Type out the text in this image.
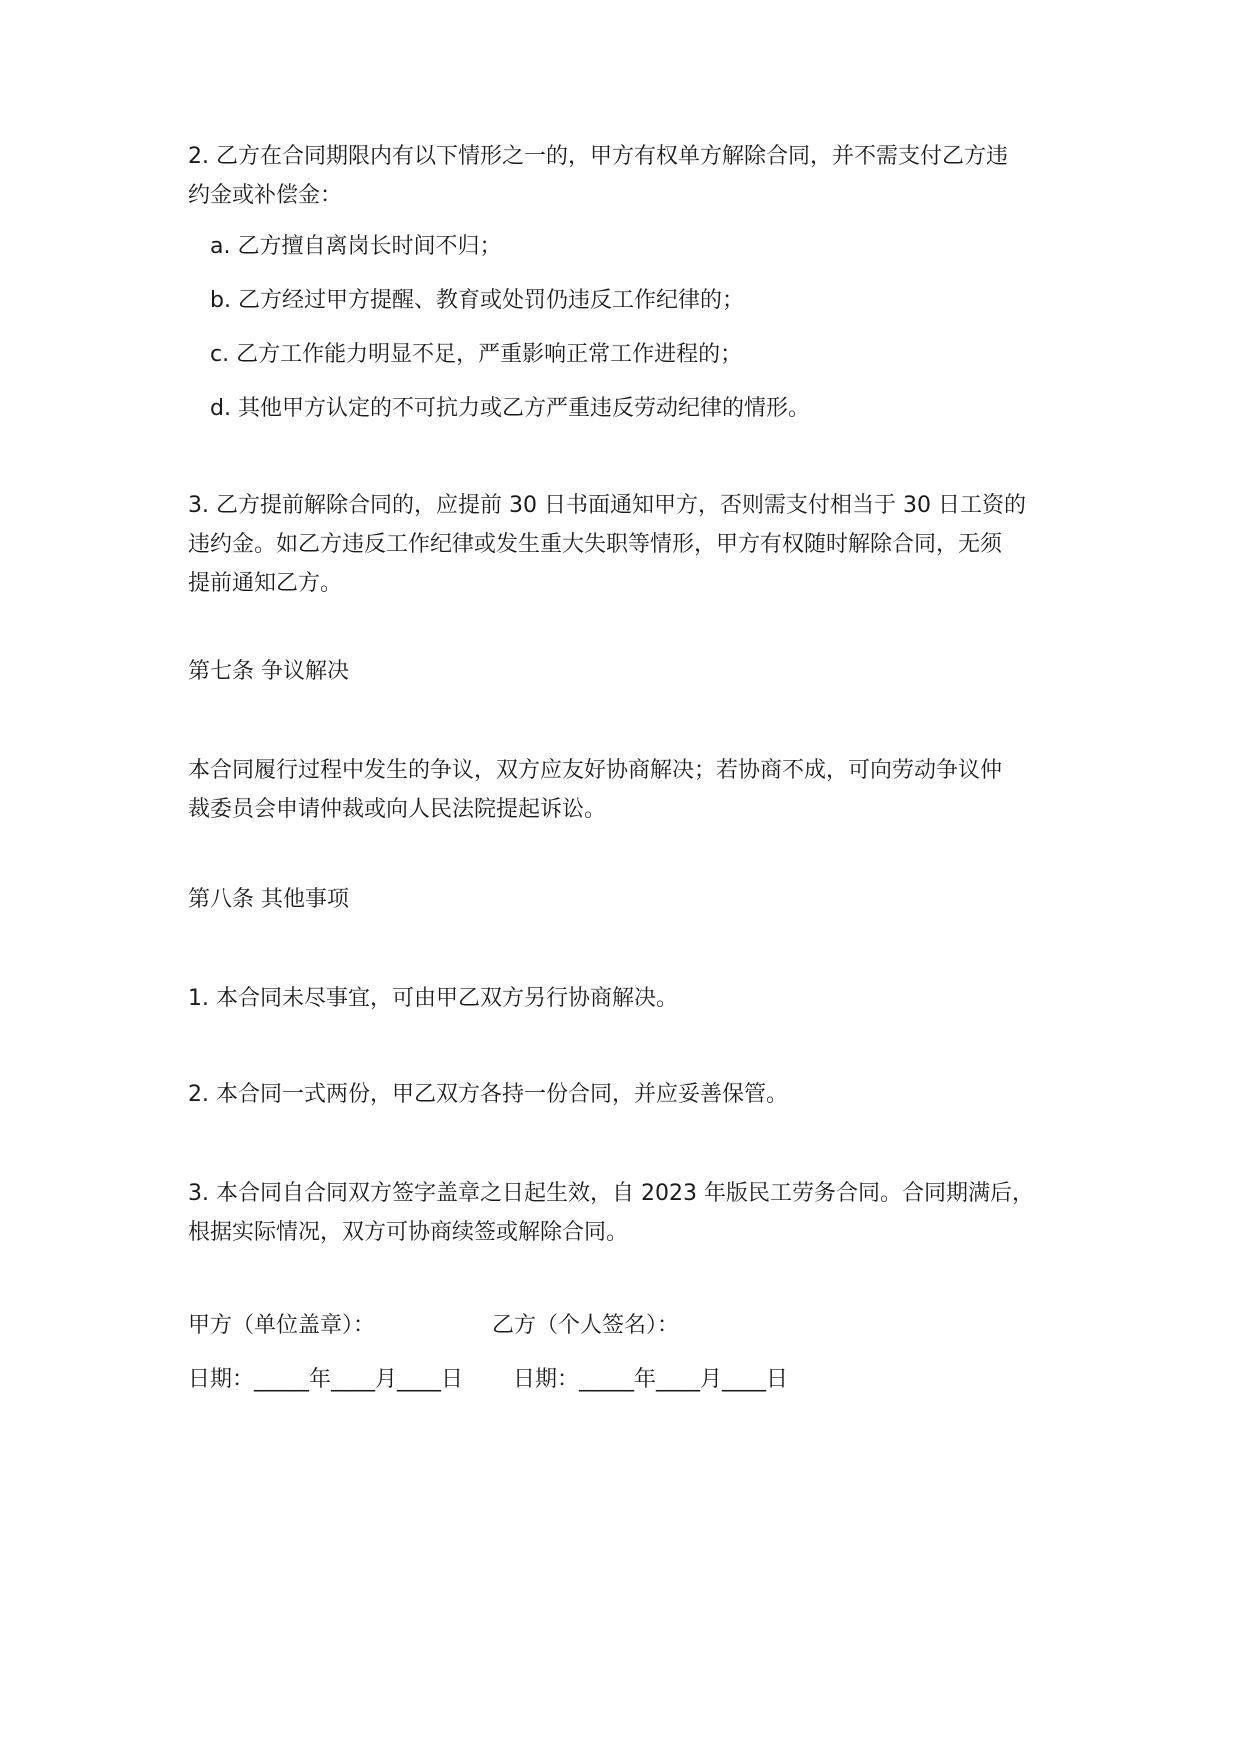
2. 乙方在合同期限内有以下情形之一的，甲方有权单方解除合同，并不需支付乙方违
约金或补偿金：

a. 乙方擅自离岗长时间不归；

b. 乙方经过甲方提醒、教育或处罚仍违反工作纪律的；

c. 乙方工作能力明显不足，严重影响正常工作进程的；

d. 其他甲方认定的不可抗力或乙方严重违反劳动纪律的情形。

3. 乙方提前解除合同的，应提前 30 日书面通知甲方，否则需支付相当于 30 日工资的
违约金。如乙方违反工作纪律或发生重大失职等情形，甲方有权随时解除合同，无须
提前通知乙方。

第七条 争议解决

本合同履行过程中发生的争议，双方应友好协商解决；若协商不成，可向劳动争议仲
裁委员会申请仲裁或向人民法院提起诉讼。

第八条 其他事项

1. 本合同未尽事宜，可由甲乙双方另行协商解决。

2. 本合同一式两份，甲乙双方各持一份合同，并应妥善保管。

3. 本合同自合同双方签字盖章之日起生效，自 2023 年版民工劳务合同。合同期满后，
根据实际情况，双方可协商续签或解除合同。

甲方（单位盖章）：	乙方（个人签名）：
日期：_____年____月____日 日期：_____年____月____日
